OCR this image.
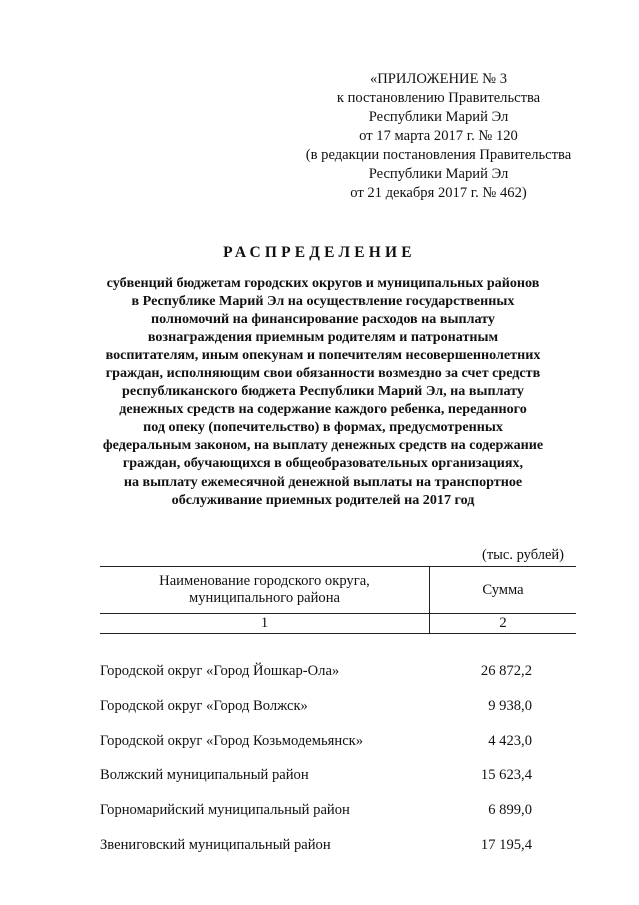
«ПРИЛОЖЕНИЕ № 3
к постановлению Правительства
Республики Марий Эл
от 17 марта 2017 г. № 120
(в редакции постановления Правительства
Республики Марий Эл
от 21 декабря 2017 г. № 462)
РАСПРЕДЕЛЕНИЕ
субвенций бюджетам городских округов и муниципальных районов
в Республике Марий Эл на осуществление государственных
полномочий на финансирование расходов на выплату
вознаграждения приемным родителям и патронатным
воспитателям, иным опекунам и попечителям несовершеннолетних
граждан, исполняющим свои обязанности возмездно за счет средств
республиканского бюджета Республики Марий Эл, на выплату
денежных средств на содержание каждого ребенка, переданного
под опеку (попечительство) в формах, предусмотренных
федеральным законом, на выплату денежных средств на содержание
граждан, обучающихся в общеобразовательных организациях,
на выплату ежемесячной денежной выплаты на транспортное
обслуживание приемных родителей на 2017 год
(тыс. рублей)
Наименование городского округа,
муниципального района	Сумма
1	2
Городской округ «Город Йошкар-Ола»	26 872,2
Городской округ «Город Волжск»	9 938,0
Городской округ «Город Козьмодемьянск»	4 423,0
Волжский муниципальный район	15 623,4
Горномарийский муниципальный район	6 899,0
Звениговский муниципальный район	17 195,4
